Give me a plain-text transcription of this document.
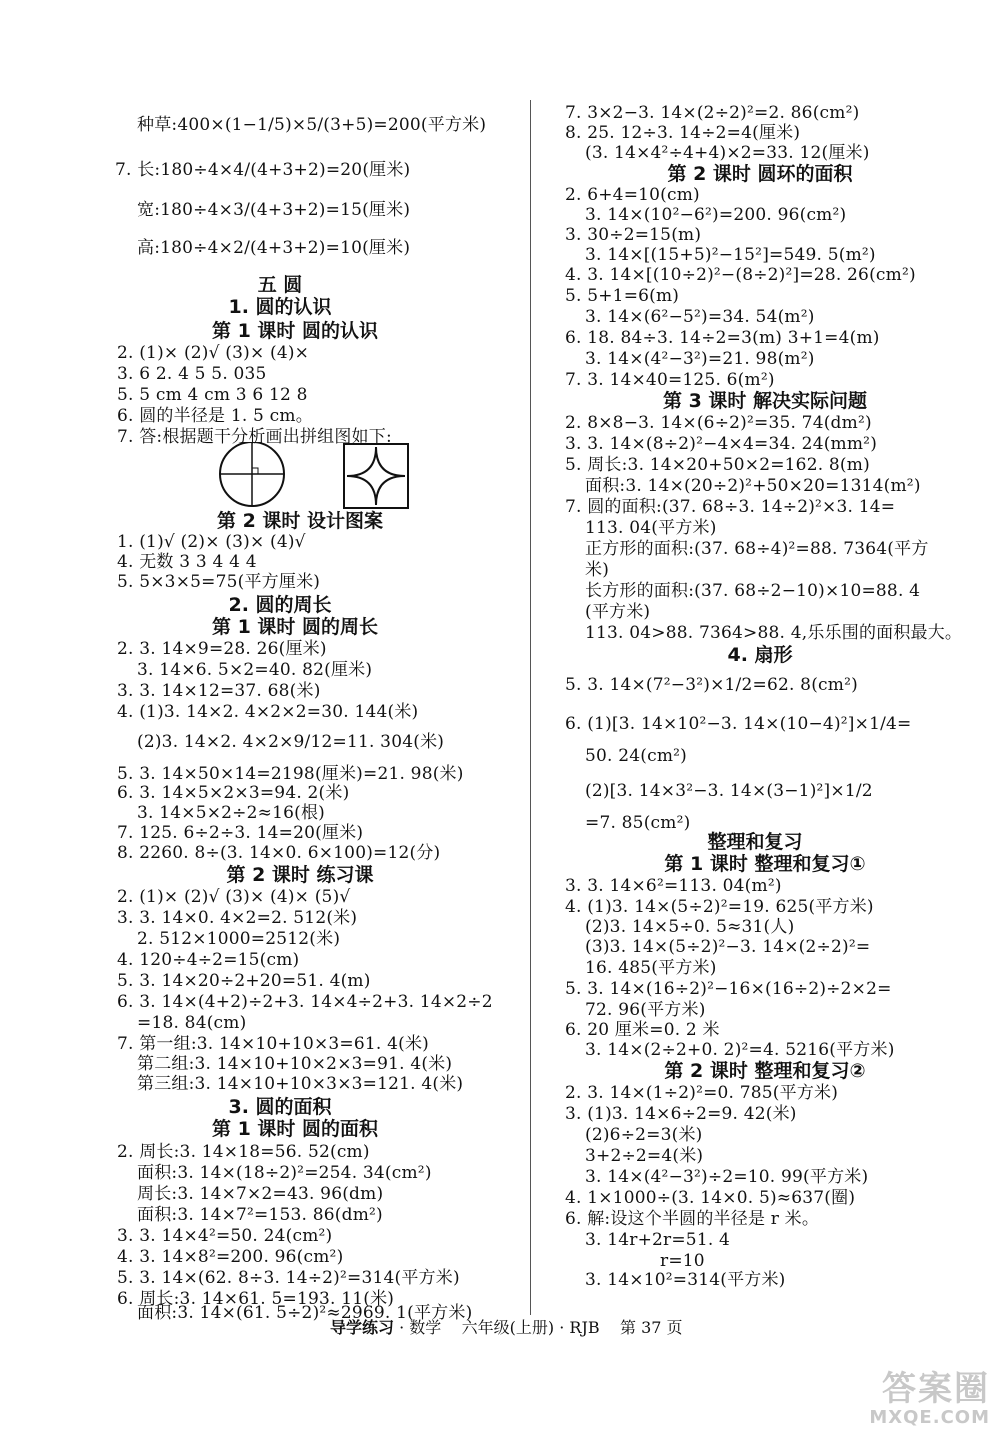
种草:400×(1−1/5)×5/(3+5)=200(平方米)
7. 长:180÷4×4/(4+3+2)=20(厘米)
宽:180÷4×3/(4+3+2)=15(厘米)
高:180÷4×2/(4+3+2)=10(厘米)
五 圆
1. 圆的认识
第 1 课时 圆的认识
2. (1)× (2)√ (3)× (4)×
3. 6 2. 4 5 5. 035
5. 5 cm 4 cm 3 6 12 8
6. 圆的半径是 1. 5 cm。
7. 答:根据题干分析画出拼组图如下:
第 2 课时 设计图案
1. (1)√ (2)× (3)× (4)√
4. 无数 3 3 4 4 4
5. 5×3×5=75(平方厘米)
2. 圆的周长
第 1 课时 圆的周长
2. 3. 14×9=28. 26(厘米)
3. 14×6. 5×2=40. 82(厘米)
3. 3. 14×12=37. 68(米)
4. (1)3. 14×2. 4×2×2=30. 144(米)
(2)3. 14×2. 4×2×9/12=11. 304(米)
5. 3. 14×50×14=2198(厘米)=21. 98(米)
6. 3. 14×5×2×3=94. 2(米)
3. 14×5×2÷2≈16(根)
7. 125. 6÷2÷3. 14=20(厘米)
8. 2260. 8÷(3. 14×0. 6×100)=12(分)
第 2 课时 练习课
2. (1)× (2)√ (3)× (4)× (5)√
3. 3. 14×0. 4×2=2. 512(米)
2. 512×1000=2512(米)
4. 120÷4÷2=15(cm)
5. 3. 14×20÷2+20=51. 4(m)
6. 3. 14×(4+2)÷2+3. 14×4÷2+3. 14×2÷2
=18. 84(cm)
7. 第一组:3. 14×10+10×3=61. 4(米)
第二组:3. 14×10+10×2×3=91. 4(米)
第三组:3. 14×10+10×3×3=121. 4(米)
3. 圆的面积
第 1 课时 圆的面积
2. 周长:3. 14×18=56. 52(cm)
面积:3. 14×(18÷2)²=254. 34(cm²)
周长:3. 14×7×2=43. 96(dm)
面积:3. 14×7²=153. 86(dm²)
3. 3. 14×4²=50. 24(cm²)
4. 3. 14×8²=200. 96(cm²)
5. 3. 14×(62. 8÷3. 14÷2)²=314(平方米)
6. 周长:3. 14×61. 5=193. 11(米)
面积:3. 14×(61. 5÷2)²≈2969. 1(平方米)
7. 3×2−3. 14×(2÷2)²=2. 86(cm²)
8. 25. 12÷3. 14÷2=4(厘米)
(3. 14×4²÷4+4)×2=33. 12(厘米)
第 2 课时 圆环的面积
2. 6+4=10(cm)
3. 14×(10²−6²)=200. 96(cm²)
3. 30÷2=15(m)
3. 14×[(15+5)²−15²]=549. 5(m²)
4. 3. 14×[(10÷2)²−(8÷2)²]=28. 26(cm²)
5. 5+1=6(m)
3. 14×(6²−5²)=34. 54(m²)
6. 18. 84÷3. 14÷2=3(m) 3+1=4(m)
3. 14×(4²−3²)=21. 98(m²)
7. 3. 14×40=125. 6(m²)
第 3 课时 解决实际问题
2. 8×8−3. 14×(6÷2)²=35. 74(dm²)
3. 3. 14×(8÷2)²−4×4=34. 24(mm²)
5. 周长:3. 14×20+50×2=162. 8(m)
面积:3. 14×(20÷2)²+50×20=1314(m²)
7. 圆的面积:(37. 68÷3. 14÷2)²×3. 14=
113. 04(平方米)
正方形的面积:(37. 68÷4)²=88. 7364(平方
米)
长方形的面积:(37. 68÷2−10)×10=88. 4
(平方米)
113. 04>88. 7364>88. 4,乐乐围的面积最大。
4. 扇形
5. 3. 14×(7²−3²)×1/2=62. 8(cm²)
6. (1)[3. 14×10²−3. 14×(10−4)²]×1/4=
50. 24(cm²)
(2)[3. 14×3²−3. 14×(3−1)²]×1/2
=7. 85(cm²)
整理和复习
第 1 课时 整理和复习①
3. 3. 14×6²=113. 04(m²)
4. (1)3. 14×(5÷2)²=19. 625(平方米)
(2)3. 14×5÷0. 5≈31(人)
(3)3. 14×(5÷2)²−3. 14×(2÷2)²=
16. 485(平方米)
5. 3. 14×(16÷2)²−16×(16÷2)÷2×2=
72. 96(平方米)
6. 20 厘米=0. 2 米
3. 14×(2÷2+0. 2)²=4. 5216(平方米)
第 2 课时 整理和复习②
2. 3. 14×(1÷2)²=0. 785(平方米)
3. (1)3. 14×6÷2=9. 42(米)
(2)6÷2=3(米)
3+2÷2=4(米)
3. 14×(4²−3²)÷2=10. 99(平方米)
4. 1×1000÷(3. 14×0. 5)≈637(圈)
6. 解:设这个半圆的半径是 r 米。
3. 14r+2r=51. 4
r=10
3. 14×10²=314(平方米)
导学练习 · 数学 六年级(上册) · RJB 第 37 页
答案圈
MXQE.COM
